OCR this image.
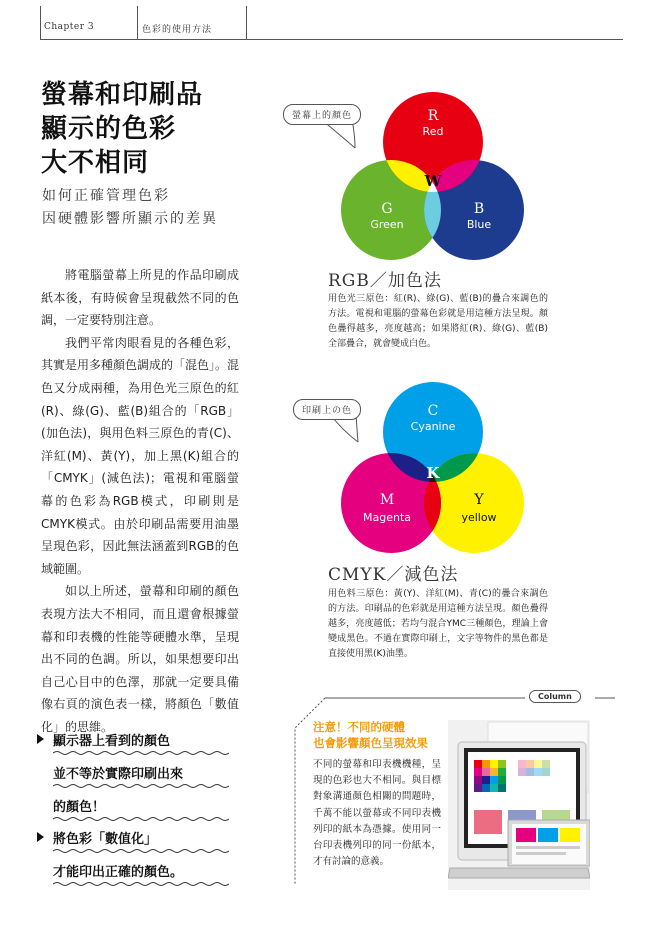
Chapter 3	色彩的使用方法
螢幕和印刷品
顯示的色彩
大不相同
如何正確管理色彩
因硬體影響所顯示的差異

將電腦螢幕上所見的作品印刷成紙本後，有時候會呈現截然不同的色調，一定要特別注意。

我們平常肉眼看見的各種色彩，其實是用多種顏色調成的「混色」。混色又分成兩種，為用色光三原色的紅(R)、綠(G)、藍(B)組合的「RGB」(加色法)，與用色料三原色的青(C)、洋紅(M)、黃(Y)，加上黑(K)組合的「CMYK」(減色法)；電視和電腦螢幕的色彩為RGB模式，印刷則是CMYK模式。由於印刷品需要用油墨呈現色彩，因此無法涵蓋到RGB的色域範圍。

如以上所述，螢幕和印刷的顏色表現方法大不相同，而且還會根據螢幕和印表機的性能等硬體水準，呈現出不同的色調。所以，如果想要印出自己心目中的色澤，那就一定要具備像右頁的演色表一樣，將顏色「數值化」的思維。

顯示器上看到的顏色
並不等於實際印刷出來
的顏色！
將色彩「數值化」
才能印出正確的顏色。
R
Red
W
G
Green
B
Blue
螢幕上的顏色
RGB／加色法
用色光三原色：紅(R)、綠(G)、藍(B)的疊合來調色的方法。電視和電腦的螢幕色彩就是用這種方法呈現。顏色疊得越多，亮度越高；如果將紅(R)、綠(G)、藍(B)全部疊合，就會變成白色。
C
Cyanine
K
M
Magenta
Y
yellow
印刷上の色
CMYK／減色法
用色料三原色：黃(Y)、洋紅(M)、青(C)的疊合來調色的方法。印刷品的色彩就是用這種方法呈現。顏色疊得越多，亮度越低；若均勻混合YMC三種顏色，理論上會變成黑色。不過在實際印刷上，文字等物件的黑色都是直接使用黑(K)油墨。
Column
注意！不同的硬體
也會影響顏色呈現效果
不同的螢幕和印表機機種，呈現的色彩也大不相同。與目標對象溝通顏色相關的問題時，千萬不能以螢幕或不同印表機列印的紙本為憑據。使用同一台印表機列印的同一份紙本，才有討論的意義。
